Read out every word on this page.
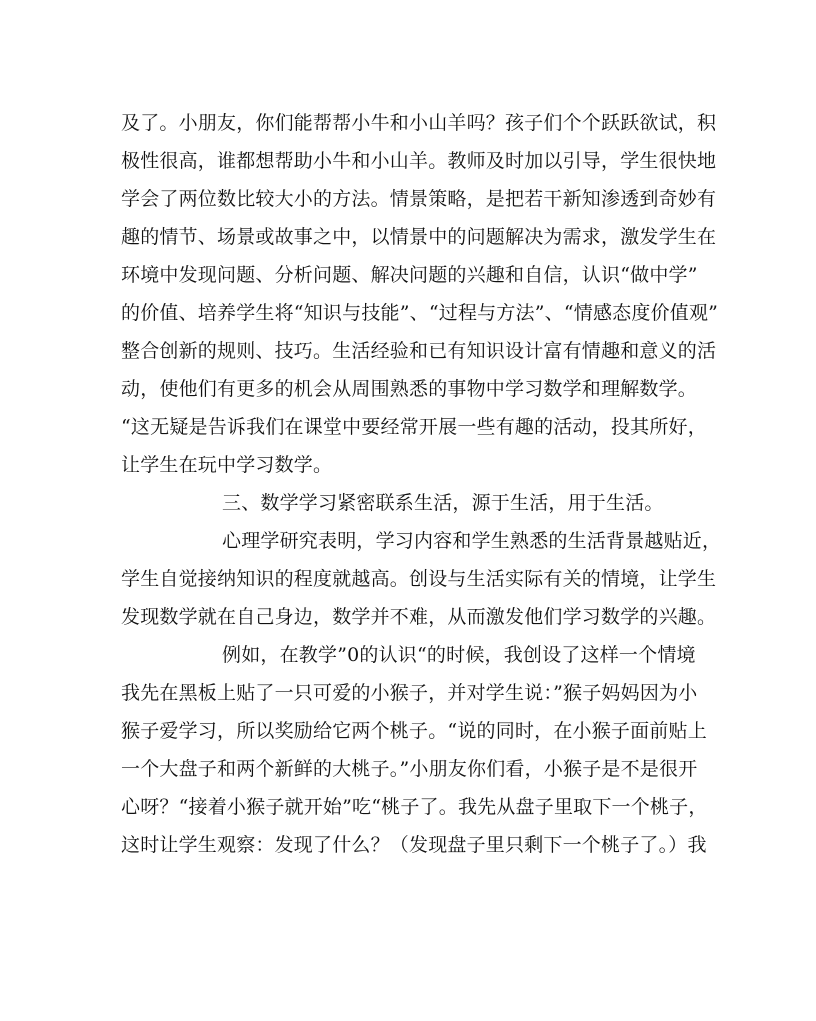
及了。小朋友，你们能帮帮小牛和小山羊吗？孩子们个个跃跃欲试，积
极性很高，谁都想帮助小牛和小山羊。教师及时加以引导，学生很快地
学会了两位数比较大小的方法。情景策略，是把若干新知渗透到奇妙有
趣的情节、场景或故事之中，以情景中的问题解决为需求，激发学生在
环境中发现问题、分析问题、解决问题的兴趣和自信，认识“做中学”
的价值、培养学生将“知识与技能”、“过程与方法”、“情感态度价值观”
整合创新的规则、技巧。生活经验和已有知识设计富有情趣和意义的活
动，使他们有更多的机会从周围熟悉的事物中学习数学和理解数学。
“这无疑是告诉我们在课堂中要经常开展一些有趣的活动，投其所好，
让学生在玩中学习数学。
三、数学学习紧密联系生活，源于生活，用于生活。
心理学研究表明，学习内容和学生熟悉的生活背景越贴近，
学生自觉接纳知识的程度就越高。创设与生活实际有关的情境，让学生
发现数学就在自己身边，数学并不难，从而激发他们学习数学的兴趣。
例如，在教学”0的认识“的时候，我创设了这样一个情境
我先在黑板上贴了一只可爱的小猴子，并对学生说：”猴子妈妈因为小
猴子爱学习，所以奖励给它两个桃子。“说的同时，在小猴子面前贴上
一个大盘子和两个新鲜的大桃子。”小朋友你们看，小猴子是不是很开
心呀？“接着小猴子就开始”吃“桃子了。我先从盘子里取下一个桃子，
这时让学生观察：发现了什么？（发现盘子里只剩下一个桃子了。）我
